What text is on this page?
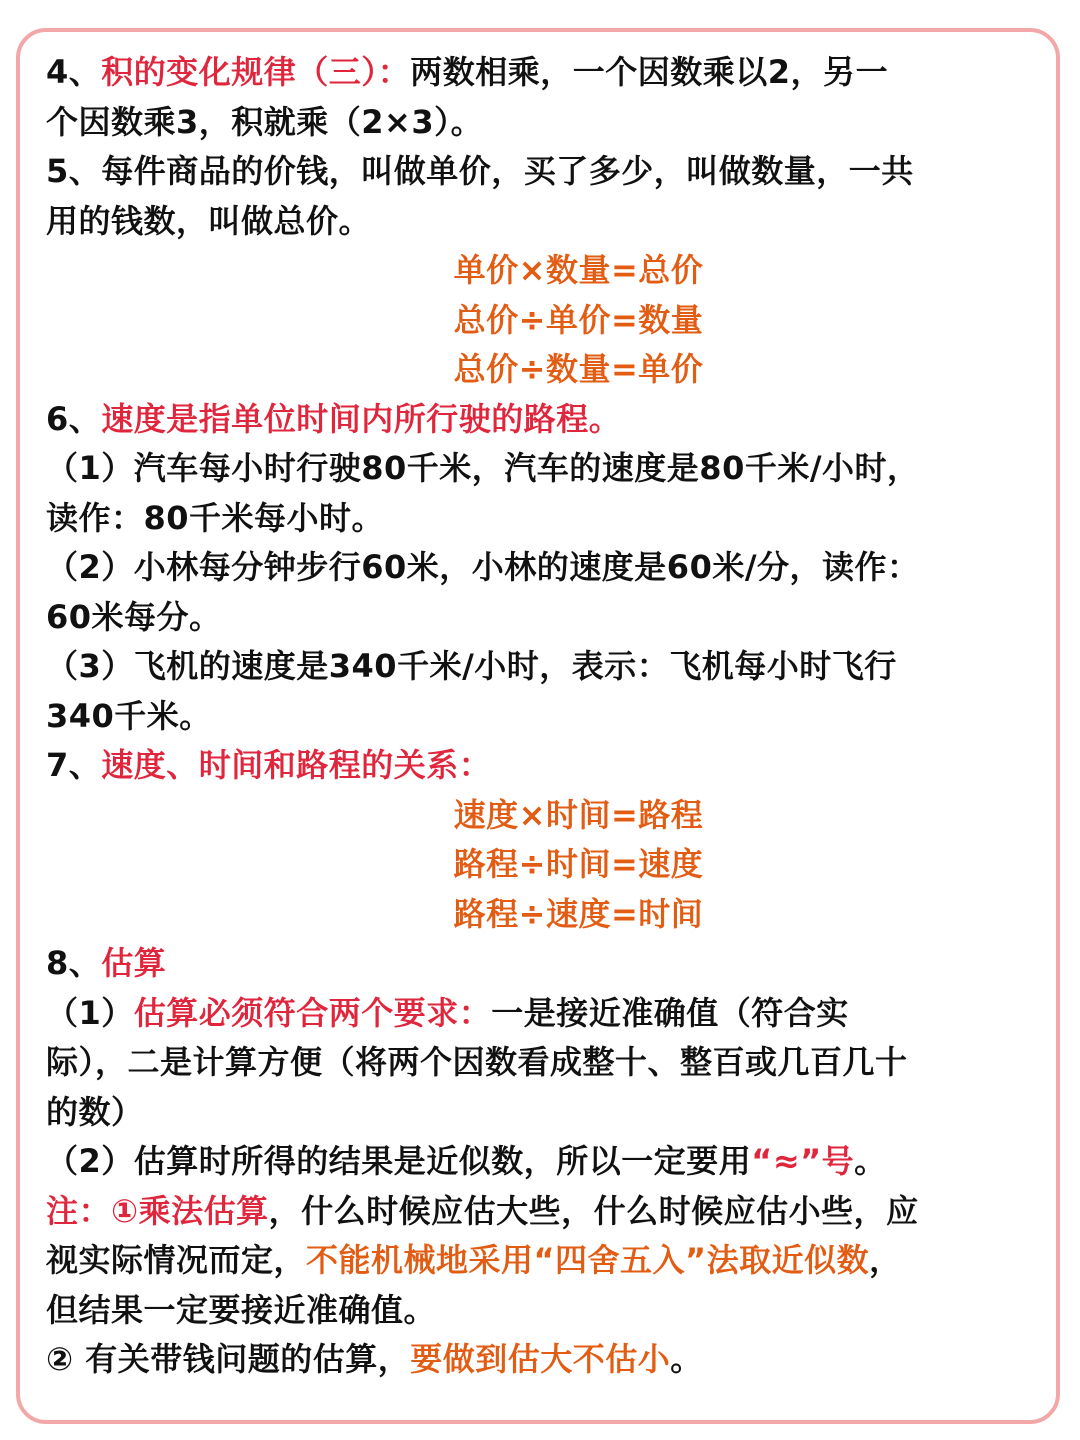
4、积的变化规律（三）：两数相乘，一个因数乘以2，另一
个因数乘3，积就乘（2×3）。
5、每件商品的价钱，叫做单价，买了多少，叫做数量，一共
用的钱数，叫做总价。
单价×数量=总价
总价÷单价=数量
总价÷数量=单价
6、速度是指单位时间内所行驶的路程。
（1）汽车每小时行驶80千米，汽车的速度是80千米/小时，
读作：80千米每小时。
（2）小林每分钟步行60米，小林的速度是60米/分，读作：
60米每分。
（3）飞机的速度是340千米/小时，表示：飞机每小时飞行
340千米。
7、速度、时间和路程的关系：
速度×时间=路程
路程÷时间=速度
路程÷速度=时间
8、估算
（1）估算必须符合两个要求：一是接近准确值（符合实
际），二是计算方便（将两个因数看成整十、整百或几百几十
的数）
（2）估算时所得的结果是近似数，所以一定要用“≈”号。
注：①乘法估算，什么时候应估大些，什么时候应估小些，应
视实际情况而定，不能机械地采用“四舍五入”法取近似数，
但结果一定要接近准确值。
② 有关带钱问题的估算，要做到估大不估小。
